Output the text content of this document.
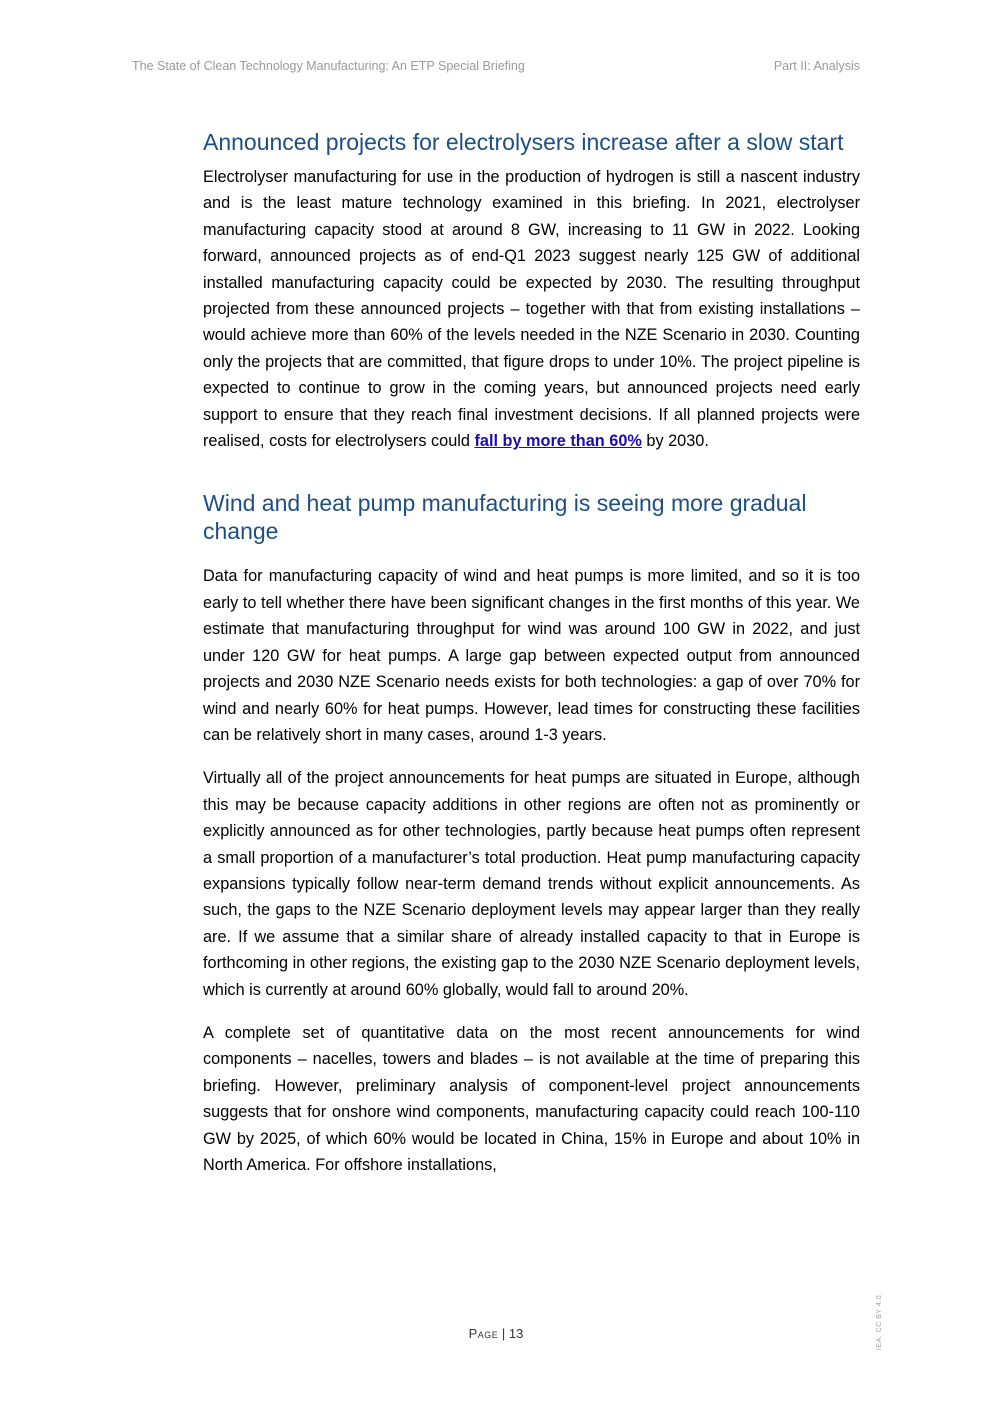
The State of Clean Technology Manufacturing: An ETP Special Briefing	Part II: Analysis
Announced projects for electrolysers increase after a slow start

Electrolyser manufacturing for use in the production of hydrogen is still a nascent industry and is the least mature technology examined in this briefing. In 2021, electrolyser manufacturing capacity stood at around 8 GW, increasing to 11 GW in 2022. Looking forward, announced projects as of end-Q1 2023 suggest nearly 125 GW of additional installed manufacturing capacity could be expected by 2030. The resulting throughput projected from these announced projects – together with that from existing installations – would achieve more than 60% of the levels needed in the NZE Scenario in 2030. Counting only the projects that are committed, that figure drops to under 10%. The project pipeline is expected to continue to grow in the coming years, but announced projects need early support to ensure that they reach final investment decisions. If all planned projects were realised, costs for electrolysers could fall by more than 60% by 2030.

Wind and heat pump manufacturing is seeing more gradual change

Data for manufacturing capacity of wind and heat pumps is more limited, and so it is too early to tell whether there have been significant changes in the first months of this year. We estimate that manufacturing throughput for wind was around 100 GW in 2022, and just under 120 GW for heat pumps. A large gap between expected output from announced projects and 2030 NZE Scenario needs exists for both technologies: a gap of over 70% for wind and nearly 60% for heat pumps. However, lead times for constructing these facilities can be relatively short in many cases, around 1-3 years.

Virtually all of the project announcements for heat pumps are situated in Europe, although this may be because capacity additions in other regions are often not as prominently or explicitly announced as for other technologies, partly because heat pumps often represent a small proportion of a manufacturer’s total production. Heat pump manufacturing capacity expansions typically follow near-term demand trends without explicit announcements. As such, the gaps to the NZE Scenario deployment levels may appear larger than they really are. If we assume that a similar share of already installed capacity to that in Europe is forthcoming in other regions, the existing gap to the 2030 NZE Scenario deployment levels, which is currently at around 60% globally, would fall to around 20%.

A complete set of quantitative data on the most recent announcements for wind components – nacelles, towers and blades – is not available at the time of preparing this briefing. However, preliminary analysis of component-level project announcements suggests that for onshore wind components, manufacturing capacity could reach 100-110 GW by 2025, of which 60% would be located in China, 15% in Europe and about 10% in North America. For offshore installations,

Page | 13	IEA. CC BY 4.0.
